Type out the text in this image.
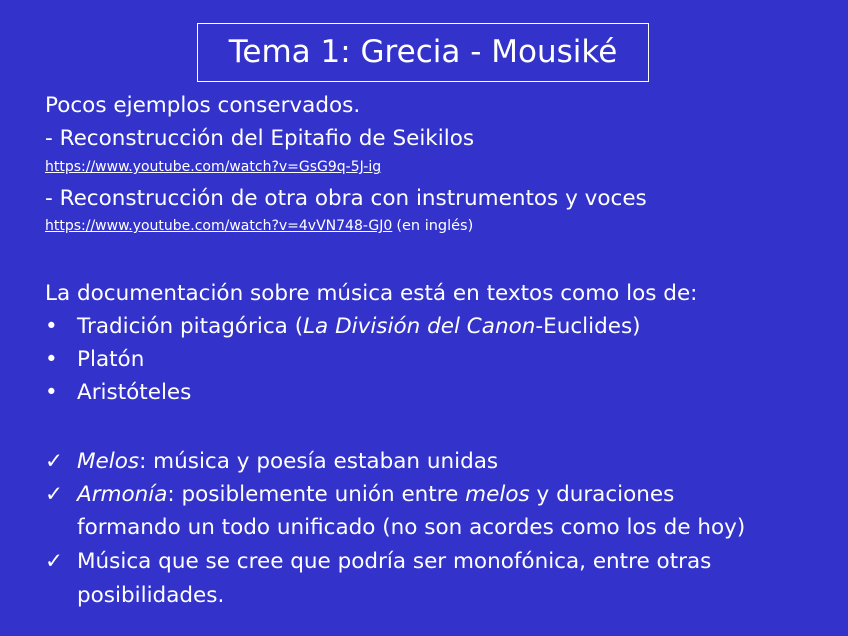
Tema 1: Grecia - Mousiké
Pocos ejemplos conservados.
- Reconstrucción del Epitafio de Seikilos
https://www.youtube.com/watch?v=GsG9q-5J-ig
- Reconstrucción de otra obra con instrumentos y voces
https://www.youtube.com/watch?v=4vVN748-GJ0 (en inglés)
La documentación sobre música está en textos como los de:
• Tradición pitagórica (La División del Canon-Euclides)
• Platón
• Aristóteles
✓ Melos: música y poesía estaban unidas
✓ Armonía: posiblemente unión entre melos y duraciones
formando un todo unificado (no son acordes como los de hoy)
✓ Música que se cree que podría ser monofónica, entre otras
posibilidades.
